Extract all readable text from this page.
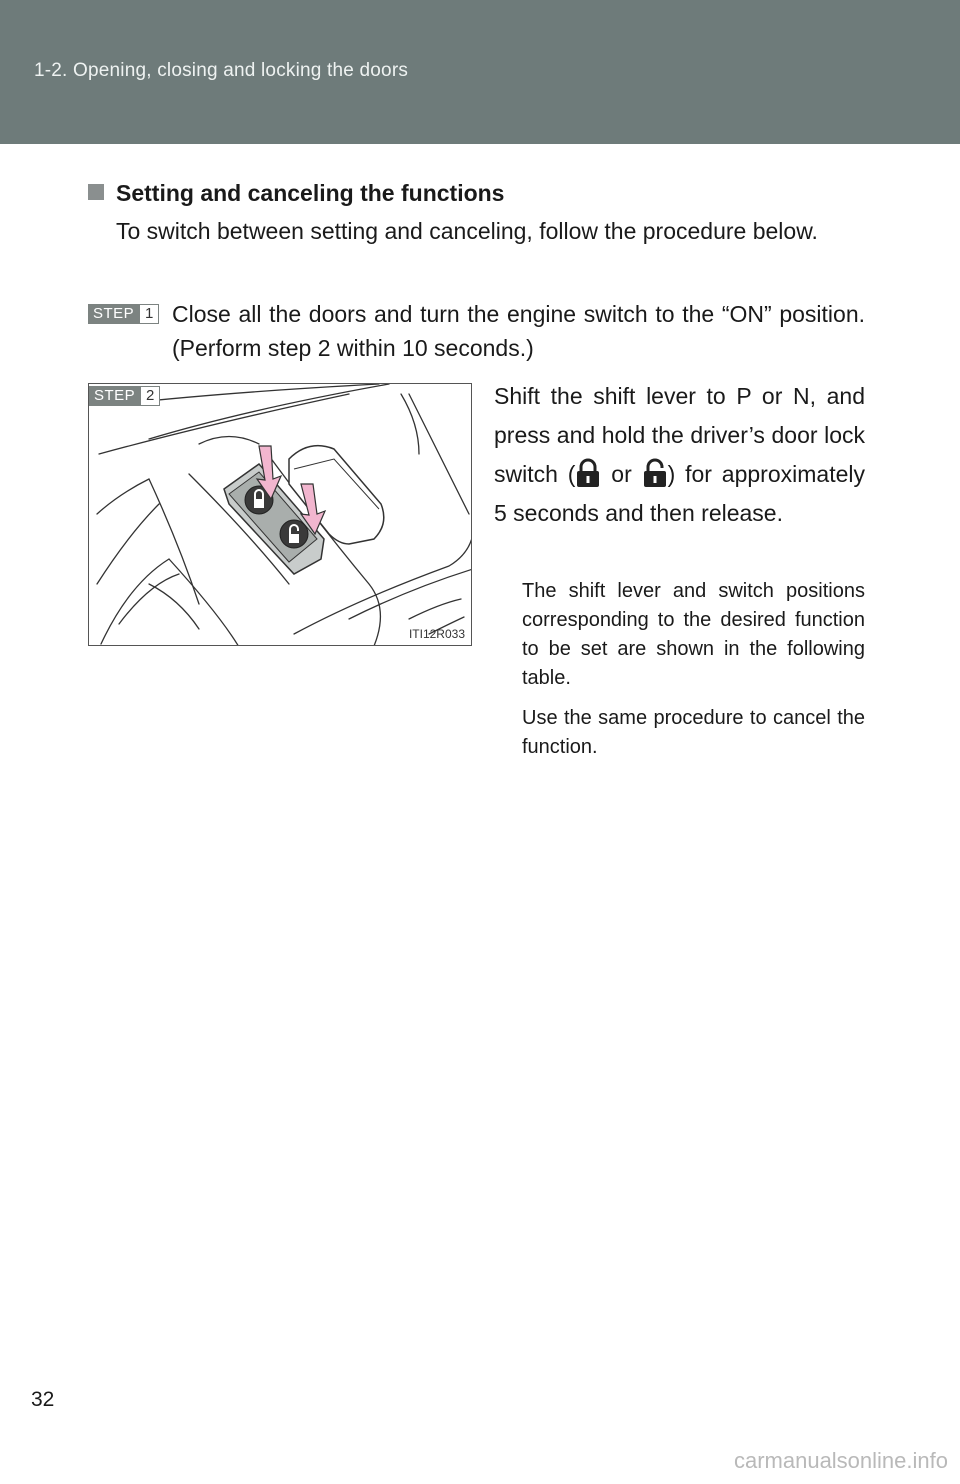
1-2. Opening, closing and locking the doors
Setting and canceling the functions

To switch between setting and canceling, follow the procedure below.

STEP 1 Close all the doors and turn the engine switch to the “ON” position. (Perform step 2 within 10 seconds.)

STEP 2
ITI12R033

Shift the shift lever to P or N, and press and hold the driver’s door lock switch ( or ) for approximately 5 seconds and then release.

The shift lever and switch positions corresponding to the desired function to be set are shown in the following table.

Use the same procedure to cancel the function.

32
carmanualsonline.info
